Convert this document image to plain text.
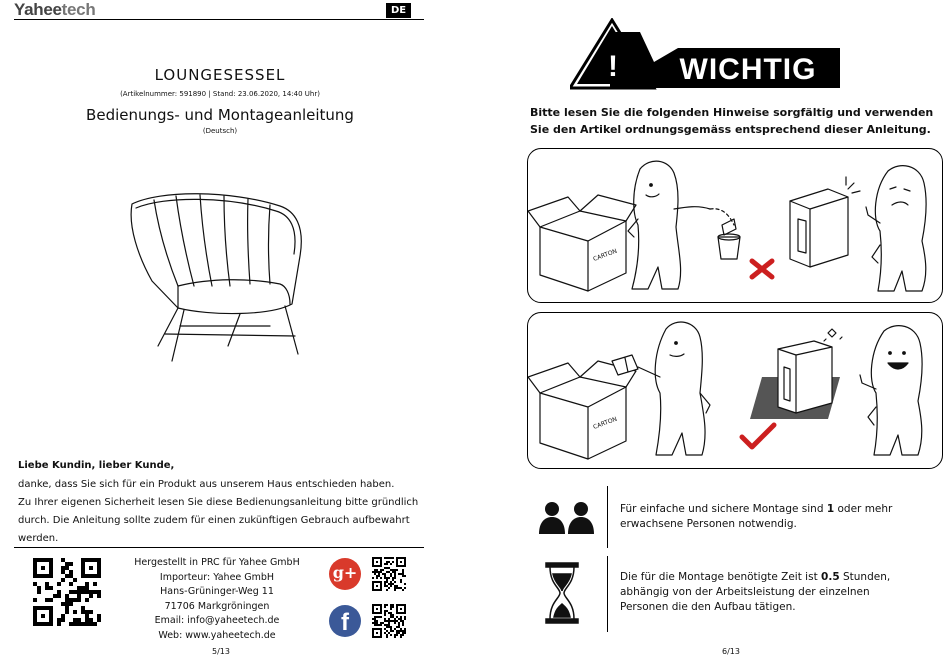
Yaheetech	DE
LOUNGESESSEL
(Artikelnummer: 591890 | Stand: 23.06.2020, 14:40 Uhr)
Bedienungs- und Montageanleitung
(Deutsch)
Liebe Kundin, lieber Kunde,
danke, dass Sie sich für ein Produkt aus unserem Haus entschieden haben.
Zu Ihrer eigenen Sicherheit lesen Sie diese Bedienungsanleitung bitte gründlich
durch. Die Anleitung sollte zudem für einen zukünftigen Gebrauch aufbewahrt
werden.
Hergestellt in PRC für Yahee GmbH
Importeur: Yahee GmbH
Hans-Grüninger-Weg 11
71706 Markgröningen
Email: info@yaheetech.de
Web: www.yaheetech.de
g+
f
5/13
! WICHTIG
Bitte lesen Sie die folgenden Hinweise sorgfältig und verwenden
Sie den Artikel ordnungsgemäss entsprechend dieser Anleitung.
CARTON
CARTON
Für einfache und sichere Montage sind 1 oder mehr
erwachsene Personen notwendig.
Die für die Montage benötigte Zeit ist 0.5 Stunden,
abhängig von der Arbeitsleistung der einzelnen
Personen die den Aufbau tätigen.
6/13
